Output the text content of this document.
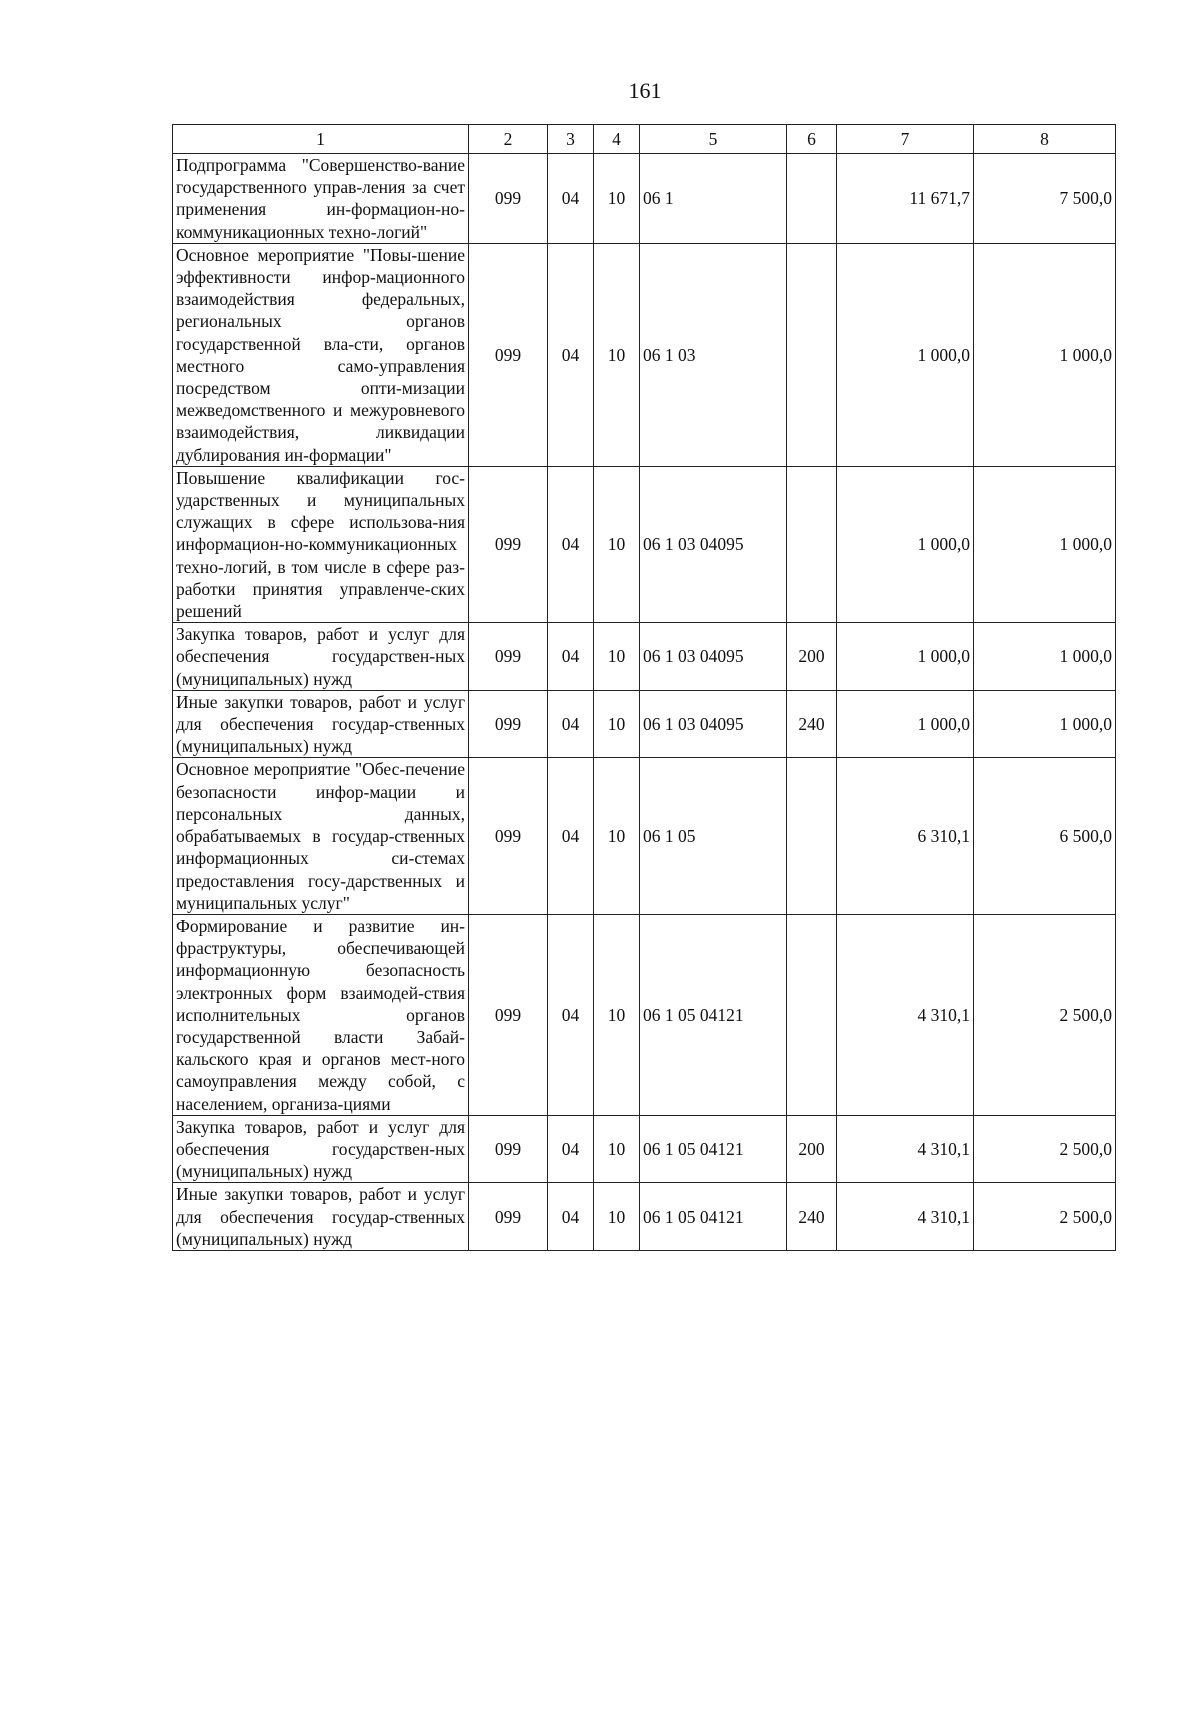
161
1	2	3	4	5	6	7	8
Подпрограмма "Совершенство-вание государственного управ-ления за счет применения ин-формацион-но-коммуникационных техно-логий"	099	04	10	06 1		11 671,7	7 500,0
Основное мероприятие "Повы-шение эффективности инфор-мационного взаимодействия федеральных, региональных органов государственной вла-сти, органов местного само-управления посредством опти-мизации межведомственного и межуровневого взаимодействия, ликвидации дублирования ин-формации"	099	04	10	06 1 03		1 000,0	1 000,0
Повышение квалификации гос-ударственных и муниципальных служащих в сфере использова-ния информацион-но-коммуникационных техно-логий, в том числе в сфере раз-работки принятия управленче-ских решений	099	04	10	06 1 03 04095		1 000,0	1 000,0
Закупка товаров, работ и услуг для обеспечения государствен-ных (муниципальных) нужд	099	04	10	06 1 03 04095	200	1 000,0	1 000,0
Иные закупки товаров, работ и услуг для обеспечения государ-ственных (муниципальных) нужд	099	04	10	06 1 03 04095	240	1 000,0	1 000,0
Основное мероприятие "Обес-печение безопасности инфор-мации и персональных данных, обрабатываемых в государ-ственных информационных си-стемах предоставления госу-дарственных и муниципальных услуг"	099	04	10	06 1 05		6 310,1	6 500,0
Формирование и развитие ин-фраструктуры, обеспечивающей информационную безопасность электронных форм взаимодей-ствия исполнительных органов государственной власти Забай-кальского края и органов мест-ного самоуправления между собой, с населением, организа-циями	099	04	10	06 1 05 04121		4 310,1	2 500,0
Закупка товаров, работ и услуг для обеспечения государствен-ных (муниципальных) нужд	099	04	10	06 1 05 04121	200	4 310,1	2 500,0
Иные закупки товаров, работ и услуг для обеспечения государ-ственных (муниципальных) нужд	099	04	10	06 1 05 04121	240	4 310,1	2 500,0
